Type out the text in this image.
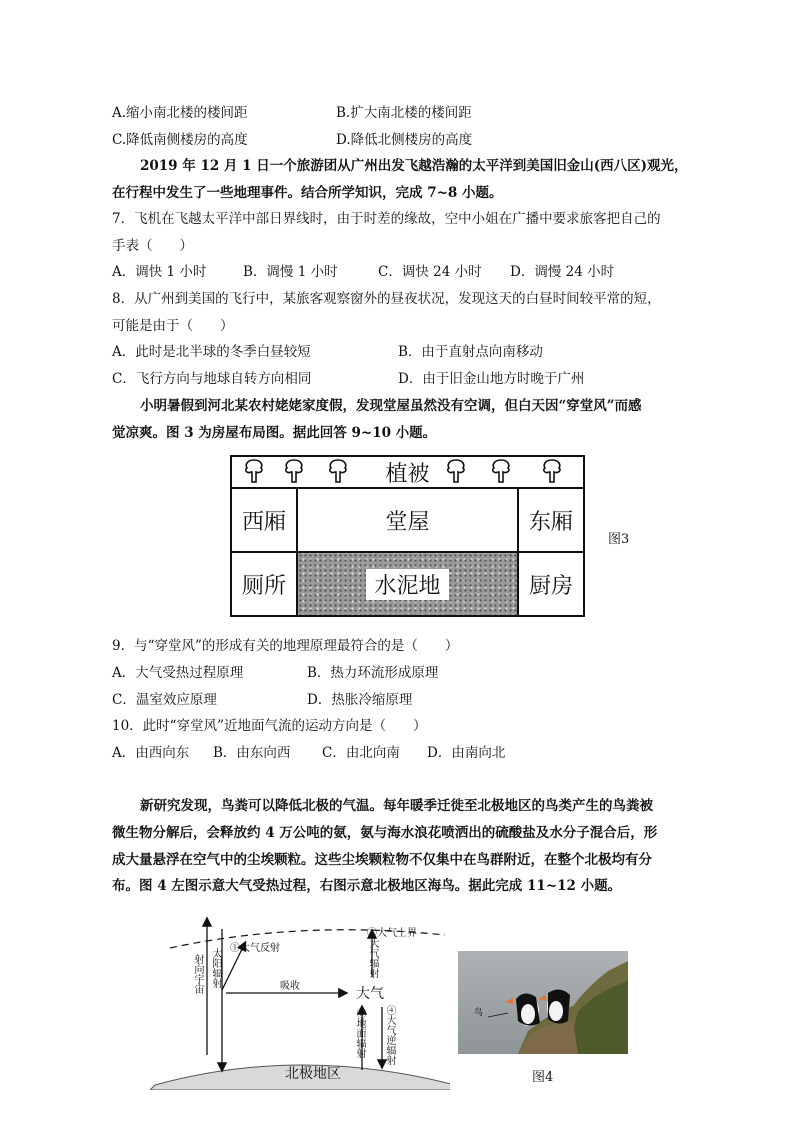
A.缩小南北楼的楼间距	B.扩大南北楼的楼间距
C.降低南侧楼房的高度	D.降低北侧楼房的高度
2019 年 12 月 1 日一个旅游团从广州出发飞越浩瀚的太平洋到美国旧金山(西八区)观光，
在行程中发生了一些地理事件。结合所学知识，完成 7~8 小题。
7．飞机在飞越太平洋中部日界线时，由于时差的缘故，空中小姐在广播中要求旅客把自己的
手表（　　）
A．调快 1 小时	B．调慢 1 小时	C．调快 24 小时 D．调慢 24 小时
8．从广州到美国的飞行中，某旅客观察窗外的昼夜状况，发现这天的白昼时间较平常的短，
可能是由于（　　）
A．此时是北半球的冬季白昼较短	B．由于直射点向南移动
C．飞行方向与地球自转方向相同	D．由于旧金山地方时晚于广州
小明暑假到河北某农村姥姥家度假，发现堂屋虽然没有空调，但白天因“穿堂风”而感
觉凉爽。图 3 为房屋布局图。据此回答 9~10 小题。
植被
西厢	堂屋	东厢
厕所	水泥地	厨房
图3
9．与“穿堂风”的形成有关的地理原理最符合的是（　　）
A．大气受热过程原理	B．热力环流形成原理
C．温室效应原理	D．热胀冷缩原理
10．此时“穿堂风”近地面气流的运动方向是（　　）
A．由西向东 B．由东向西 C．由北向南 D．由南向北
新研究发现，鸟粪可以降低北极的气温。每年暖季迁徙至北极地区的鸟类产生的鸟粪被
微生物分解后，会释放约 4 万公吨的氨，氨与海水浪花喷洒出的硫酸盐及水分子混合后，形
成大量悬浮在空气中的尘埃颗粒。这些尘埃颗粒物不仅集中在鸟群附近，在整个北极均有分
布。图 4 左图示意大气受热过程，右图示意北极地区海鸟。据此完成 11~12 小题。
①大气反射
②大气上界
射向宇宙 太阳辐射	吸收	大气
大气辐射
③地面辐射 ④大气逆辐射
北极地区
鸟
图4
